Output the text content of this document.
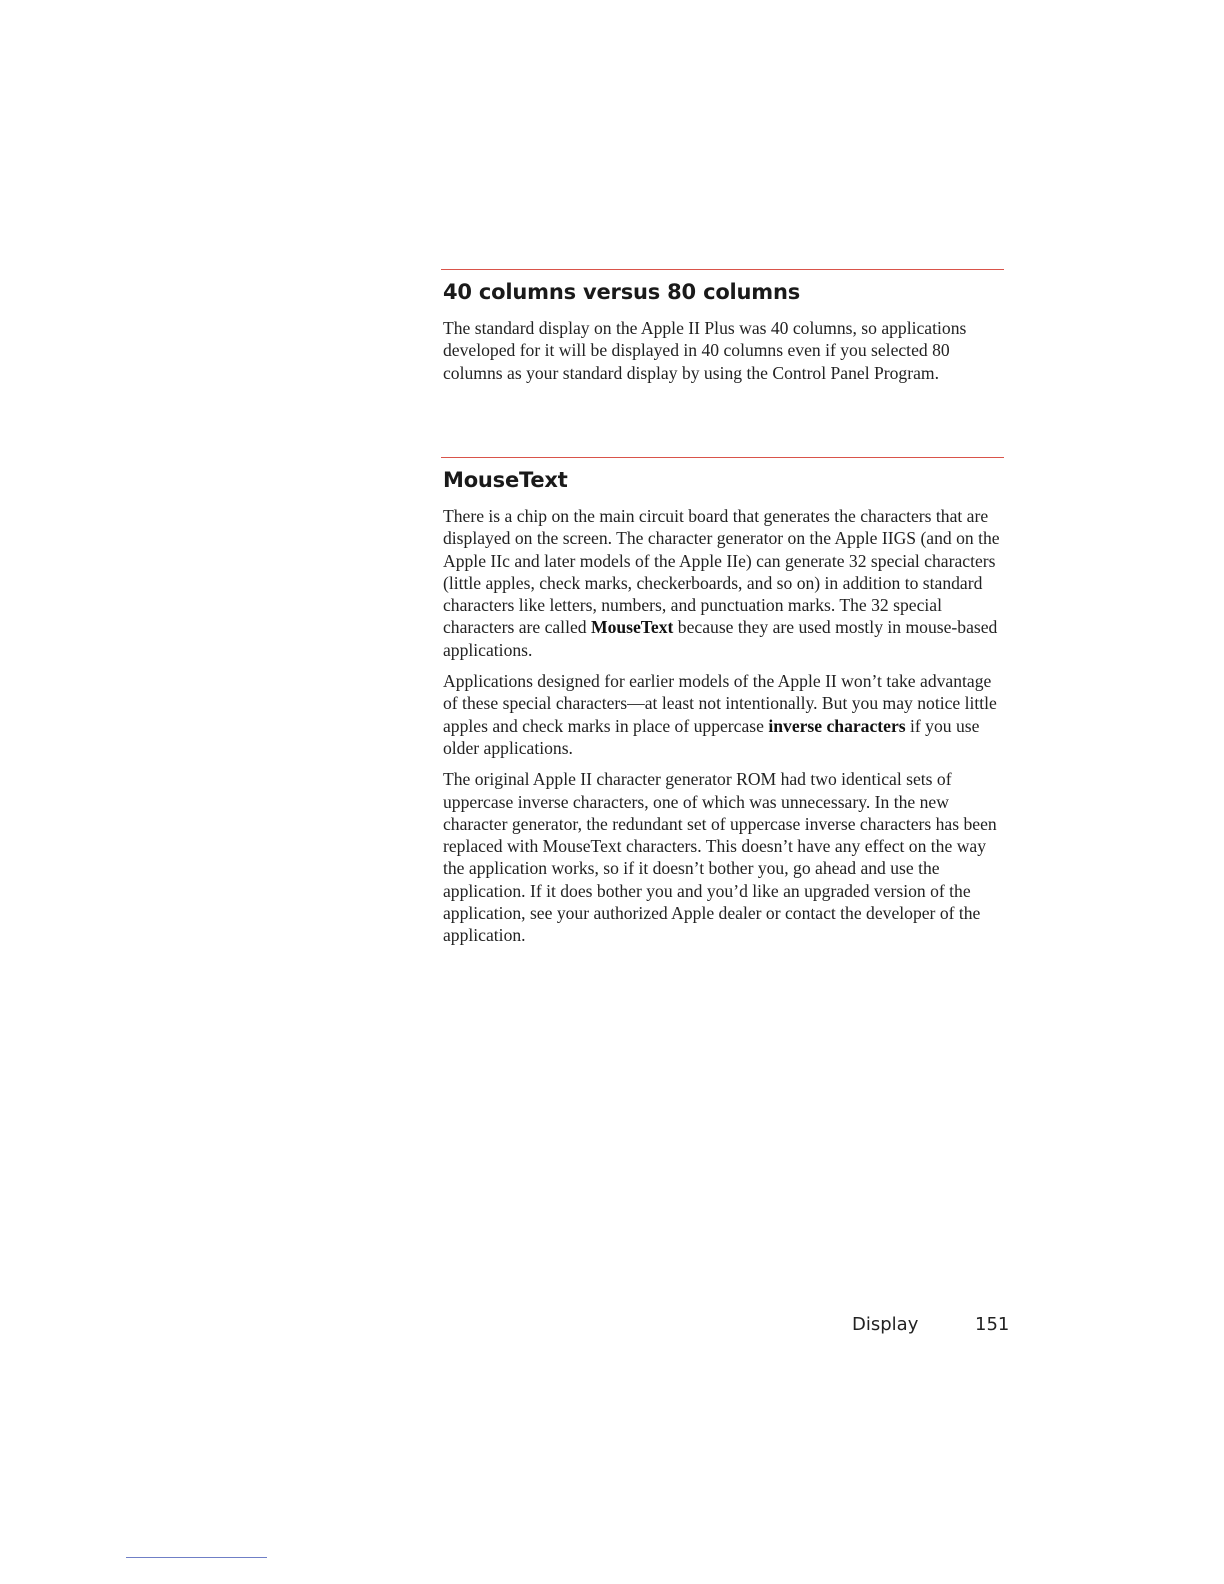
40 columns versus 80 columns

The standard display on the Apple II Plus was 40 columns, so applications developed for it will be displayed in 40 columns even if you selected 80 columns as your standard display by using the Control Panel Program.

MouseText

There is a chip on the main circuit board that generates the characters that are displayed on the screen. The character generator on the Apple IIGS (and on the Apple IIc and later models of the Apple IIe) can generate 32 special characters (little apples, check marks, checkerboards, and so on) in addition to standard characters like letters, numbers, and punctuation marks. The 32 special characters are called MouseText because they are used mostly in mouse-based applications.

Applications designed for earlier models of the Apple II won’t take advantage of these special characters—at least not intentionally. But you may notice little apples and check marks in place of uppercase inverse characters if you use older applications.

The original Apple II character generator ROM had two identical sets of uppercase inverse characters, one of which was unnecessary. In the new character generator, the redundant set of uppercase inverse characters has been replaced with MouseText characters. This doesn’t have any effect on the way the application works, so if it doesn’t bother you, go ahead and use the application. If it does bother you and you’d like an upgraded version of the application, see your authorized Apple dealer or contact the developer of the application.

Display	151
